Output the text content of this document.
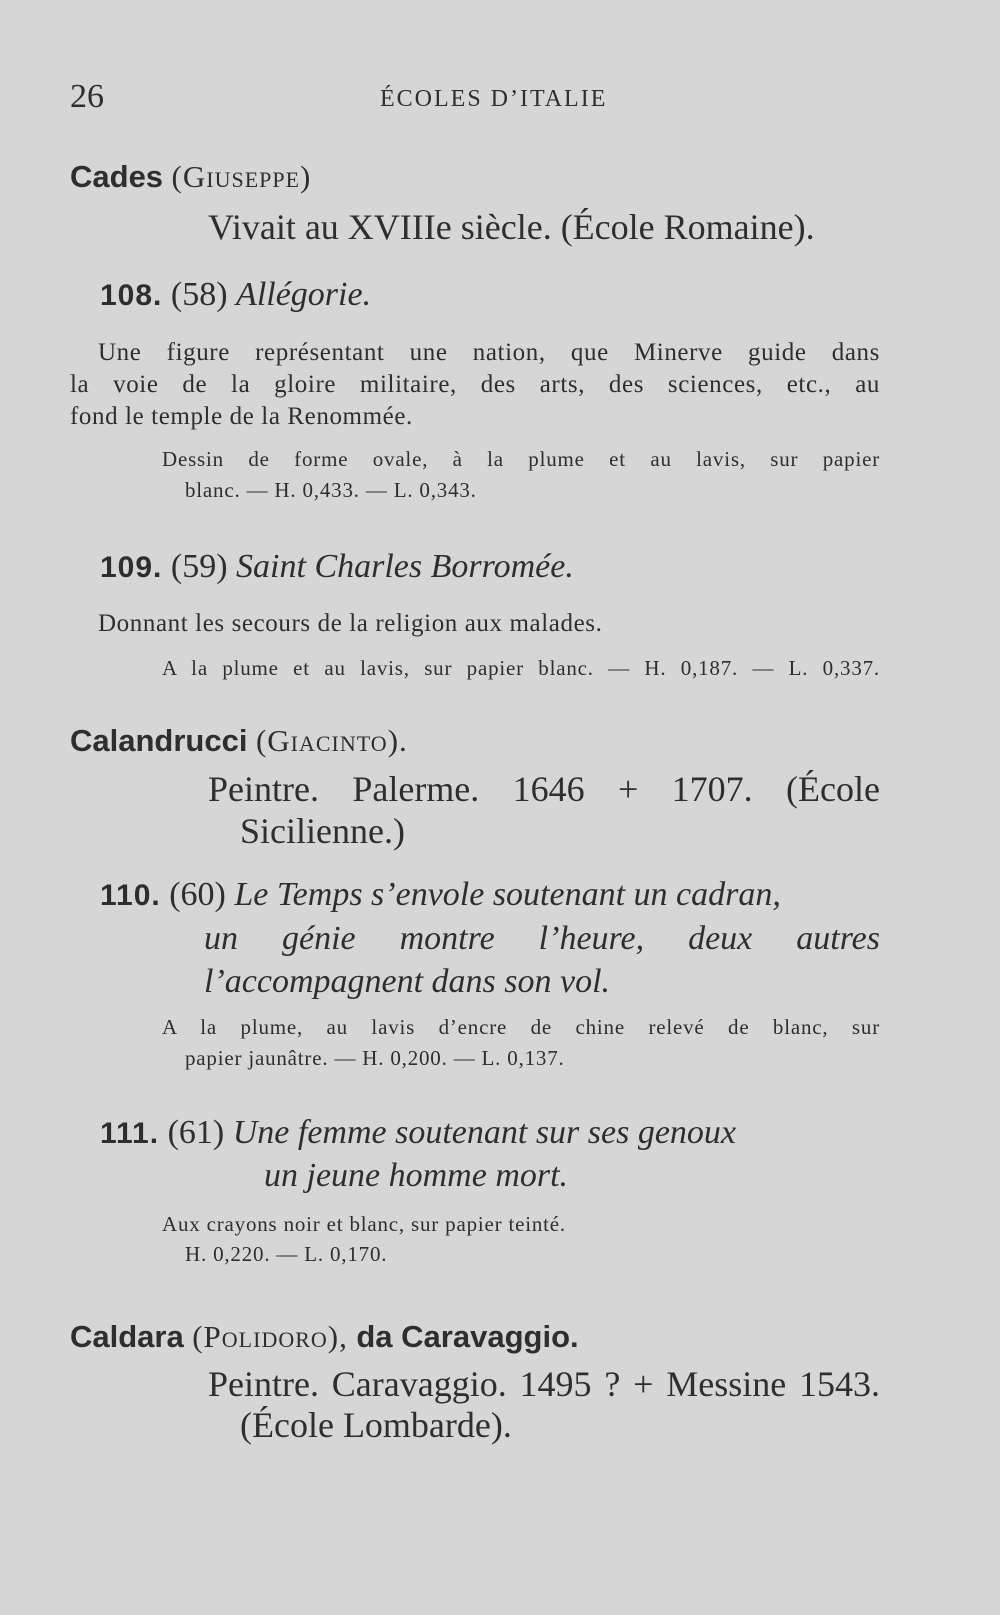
26	ÉCOLES D’ITALIE
Cades (Giuseppe)
Vivait au XVIIIe siècle. (École Romaine).
108. (58) Allégorie.
Une figure représentant une nation, que Minerve guide dans
la voie de la gloire militaire, des arts, des sciences, etc., au
fond le temple de la Renommée.
Dessin de forme ovale, à la plume et au lavis, sur papier
blanc. — H. 0,433. — L. 0,343.
109. (59) Saint Charles Borromée.
Donnant les secours de la religion aux malades.
A la plume et au lavis, sur papier blanc. — H. 0,187. — L. 0,337.
Calandrucci (Giacinto).
Peintre. Palerme. 1646 + 1707. (École
Sicilienne.)
110. (60) Le Temps s’envole soutenant un cadran,
un génie montre l’heure, deux autres
l’accompagnent dans son vol.
A la plume, au lavis d’encre de chine relevé de blanc, sur
papier jaunâtre. — H. 0,200. — L. 0,137.
111. (61) Une femme soutenant sur ses genoux
un jeune homme mort.
Aux crayons noir et blanc, sur papier teinté.
H. 0,220. — L. 0,170.
Caldara (Polidoro), da Caravaggio.
Peintre. Caravaggio. 1495 ? + Messine 1543.
(École Lombarde).
